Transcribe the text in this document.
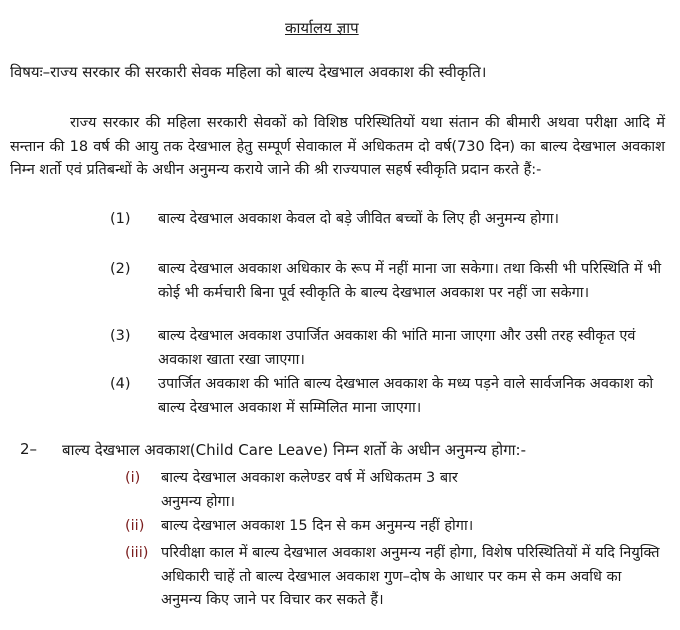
कार्यालय ज्ञाप
विषयः–राज्य सरकार की सरकारी सेवक महिला को बाल्य देखभाल अवकाश की स्वीकृति।
राज्य सरकार की महिला सरकारी सेवकों को विशिष्ठ परिस्थितियों यथा संतान की बीमारी अथवा परीक्षा आदि में सन्तान की 18 वर्ष की आयु तक देखभाल हेतु सम्पूर्ण सेवाकाल में अधिकतम दो वर्ष(730 दिन) का बाल्य देखभाल अवकाश निम्न शर्तो एवं प्रतिबन्धों के अधीन अनुमन्य कराये जाने की श्री राज्यपाल सहर्ष स्वीकृति प्रदान करते हैं:-
(1) बाल्य देखभाल अवकाश केवल दो बड़े जीवित बच्चों के लिए ही अनुमन्य होगा।
(2) बाल्य देखभाल अवकाश अधिकार के रूप में नहीं माना जा सकेगा। तथा किसी भी परिस्थिति में भी कोई भी कर्मचारी बिना पूर्व स्वीकृति के बाल्य देखभाल अवकाश पर नहीं जा सकेगा।
(3) बाल्य देखभाल अवकाश उपार्जित अवकाश की भांति माना जाएगा और उसी तरह स्वीकृत एवं अवकाश खाता रखा जाएगा।
(4) उपार्जित अवकाश की भांति बाल्य देखभाल अवकाश के मध्य पड़ने वाले सार्वजनिक अवकाश को बाल्य देखभाल अवकाश में सम्मिलित माना जाएगा।
2– बाल्य देखभाल अवकाश(Child Care Leave) निम्न शर्तो के अधीन अनुमन्य होगा:-
(i) बाल्य देखभाल अवकाश कलेण्डर वर्ष में अधिकतम 3 बार अनुमन्य होगा।
(ii) बाल्य देखभाल अवकाश 15 दिन से कम अनुमन्य नहीं होगा।
(iii) परिवीक्षा काल में बाल्य देखभाल अवकाश अनुमन्य नहीं होगा, विशेष परिस्थितियों में यदि नियुक्ति अधिकारी चाहें तो बाल्य देखभाल अवकाश गुण–दोष के आधार पर कम से कम अवधि का अनुमन्य किए जाने पर विचार कर सकते हैं।
